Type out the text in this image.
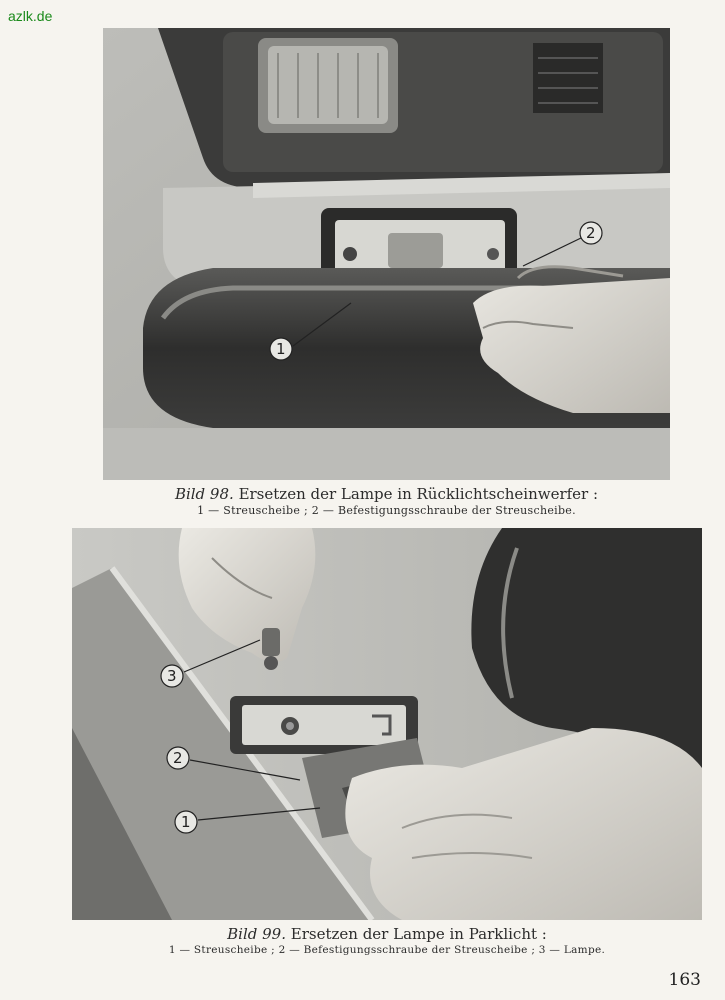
azlk.de
1
2
Bild 98. Ersetzen der Lampe in Rücklichtscheinwerfer :
1 — Streuscheibe ; 2 — Befestigungsschraube der Streuscheibe.
3
2
1
Bild 99. Ersetzen der Lampe in Parklicht :
1 — Streuscheibe ; 2 — Befestigungsschraube der Streuscheibe ; 3 — Lampe.
163
